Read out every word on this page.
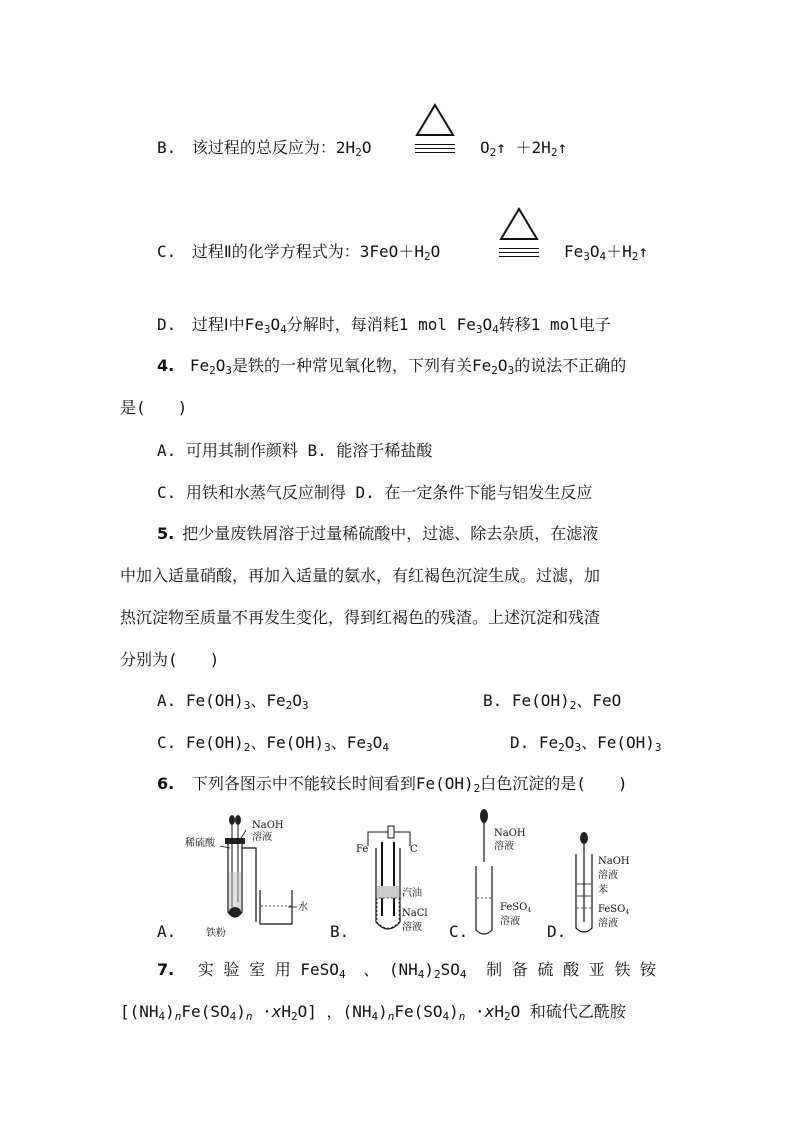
B. 该过程的总反应为：$2H_2O$	$O_2↑$ $+2H_2↑$
C. 过程Ⅱ的化学方程式为：$3FeO+H_2O$	$Fe_3O_4+H_2↑$
D. 过程Ⅰ中$Fe_3O_4$分解时，每消耗1 mol $Fe_3O_4$转移1 mol电子
4. $Fe_2O_3$是铁的一种常见氧化物，下列有关$Fe_2O_3$的说法不正确的
是(　　)
A. 可用其制作颜料 B. 能溶于稀盐酸
C. 用铁和水蒸气反应制得 D. 在一定条件下能与铝发生反应
5. 把少量废铁屑溶于过量稀硫酸中，过滤、除去杂质，在滤液
中加入适量硝酸，再加入适量的氨水，有红褐色沉淀生成。过滤，加
热沉淀物至质量不再发生变化，得到红褐色的残渣。上述沉淀和残渣
分别为(　　)
A. $Fe(OH)_3$、$Fe_2O_3$	B. $Fe(OH)_2$、FeO
C. $Fe(OH)_2$、$Fe(OH)_3$、$Fe_3O_4$	D. $Fe_2O_3$、$Fe(OH)_3$
6. 下列各图示中不能较长时间看到$Fe(OH)_2$白色沉淀的是(　　)
稀硫酸
NaOH
溶液
水
铁粉
A.
Fe	C
汽油
NaCl
溶液
B.
NaOH
溶液
FeSO$_4$
溶液
C.
NaOH
溶液
苯
FeSO$_4$
溶液
D.
7. 实 验 室 用 FeSO$_4$ 、 $(NH_4)_2SO_4$ 制 备 硫 酸 亚 铁 铵
$[(NH_4)_nFe(SO_4)_n \cdot xH_2O]$ ，$(NH_4)_nFe(SO_4)_n \cdot xH_2O$ 和硫代乙酰胺
